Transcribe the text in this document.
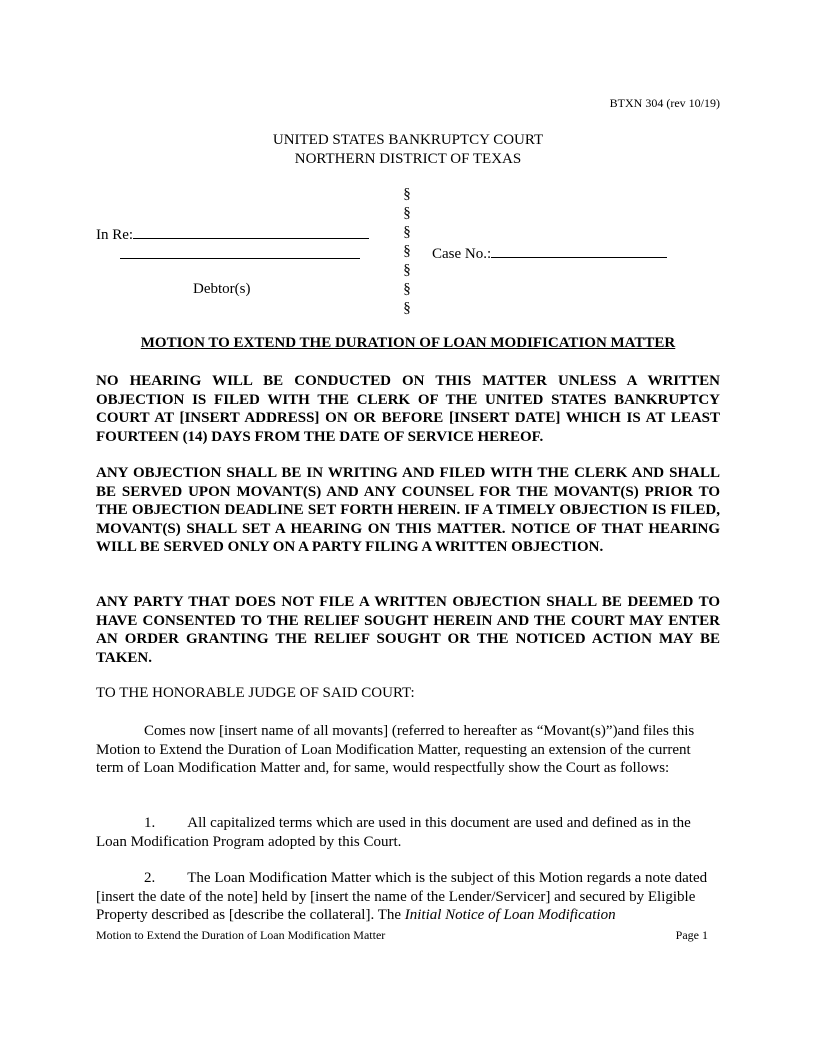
BTXN 304 (rev 10/19)
UNITED STATES BANKRUPTCY COURT
NORTHERN DISTRICT OF TEXAS
§
§
§
§
§
§
§
In Re:
Debtor(s)
Case No.:
MOTION TO EXTEND THE DURATION OF LOAN MODIFICATION MATTER

NO HEARING WILL BE CONDUCTED ON THIS MATTER UNLESS A WRITTEN OBJECTION IS FILED WITH THE CLERK OF THE UNITED STATES BANKRUPTCY COURT AT [INSERT ADDRESS] ON OR BEFORE [INSERT DATE] WHICH IS AT LEAST FOURTEEN (14) DAYS FROM THE DATE OF SERVICE HEREOF.

ANY OBJECTION SHALL BE IN WRITING AND FILED WITH THE CLERK AND SHALL BE SERVED UPON MOVANT(S) AND ANY COUNSEL FOR THE MOVANT(S) PRIOR TO THE OBJECTION DEADLINE SET FORTH HEREIN. IF A TIMELY OBJECTION IS FILED, MOVANT(S) SHALL SET A HEARING ON THIS MATTER. NOTICE OF THAT HEARING WILL BE SERVED ONLY ON A PARTY FILING A WRITTEN OBJECTION.

ANY PARTY THAT DOES NOT FILE A WRITTEN OBJECTION SHALL BE DEEMED TO HAVE CONSENTED TO THE RELIEF SOUGHT HEREIN AND THE COURT MAY ENTER AN ORDER GRANTING THE RELIEF SOUGHT OR THE NOTICED ACTION MAY BE TAKEN.

TO THE HONORABLE JUDGE OF SAID COURT:

Comes now [insert name of all movants] (referred to hereafter as “Movant(s)”)and files this Motion to Extend the Duration of Loan Modification Matter, requesting an extension of the current term of Loan Modification Matter and, for same, would respectfully show the Court as follows:

1. All capitalized terms which are used in this document are used and defined as in the Loan Modification Program adopted by this Court.

2. The Loan Modification Matter which is the subject of this Motion regards a note dated [insert the date of the note] held by [insert the name of the Lender/Servicer] and secured by Eligible Property described as [describe the collateral]. The Initial Notice of Loan Modification

Motion to Extend the Duration of Loan Modification Matter	Page 1
